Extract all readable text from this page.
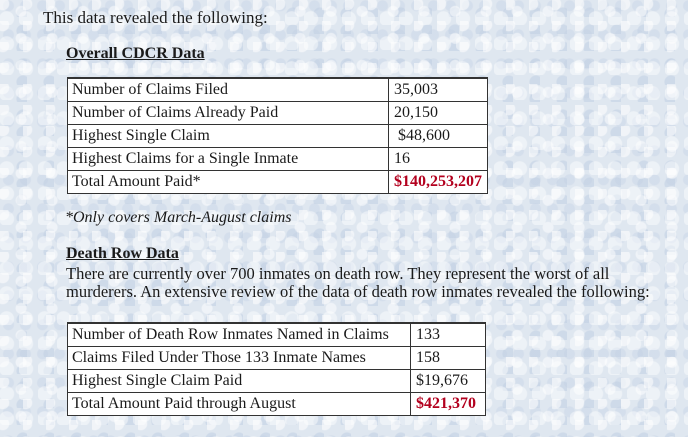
This data revealed the following:
Overall CDCR Data
Number of Claims Filed	35,003
Number of Claims Already Paid	20,150
Highest Single Claim	$48,600
Highest Claims for a Single Inmate	16
Total Amount Paid*	$140,253,207
*Only covers March-August claims
Death Row Data
There are currently over 700 inmates on death row. They represent the worst of all murderers. An extensive review of the data of death row inmates revealed the following:
Number of Death Row Inmates Named in Claims	133
Claims Filed Under Those 133 Inmate Names	158
Highest Single Claim Paid	$19,676
Total Amount Paid through August	$421,370
